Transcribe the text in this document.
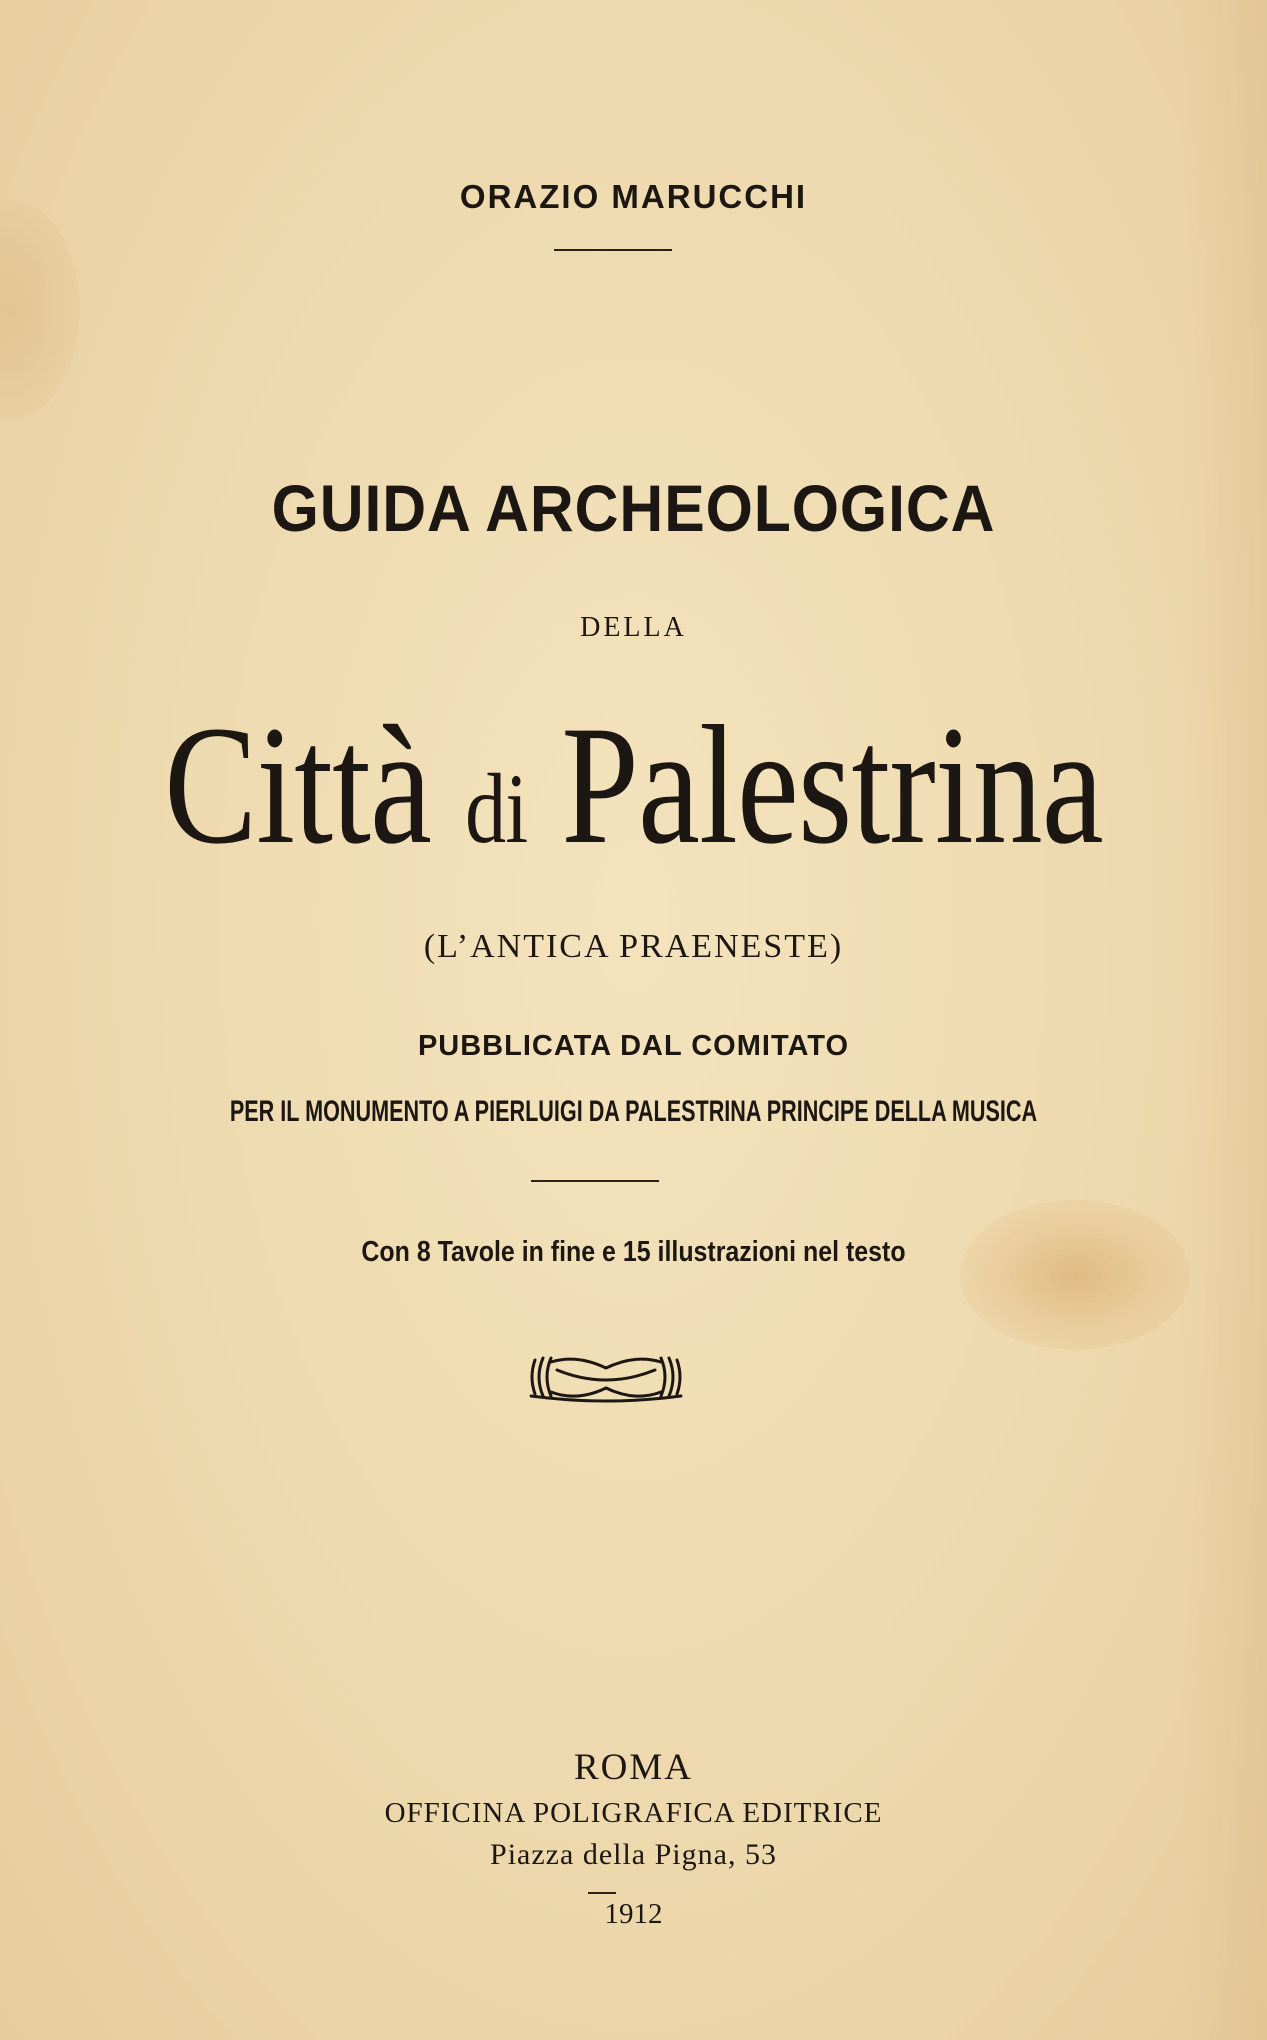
ORAZIO MARUCCHI
GUIDA ARCHEOLOGICA
DELLA
Città di Palestrina
(L’ANTICA PRAENESTE)
PUBBLICATA DAL COMITATO
PER IL MONUMENTO A PIERLUIGI DA PALESTRINA PRINCIPE DELLA MUSICA
Con 8 Tavole in fine e 15 illustrazioni nel testo
ROMA
OFFICINA POLIGRAFICA EDITRICE
Piazza della Pigna, 53
1912
